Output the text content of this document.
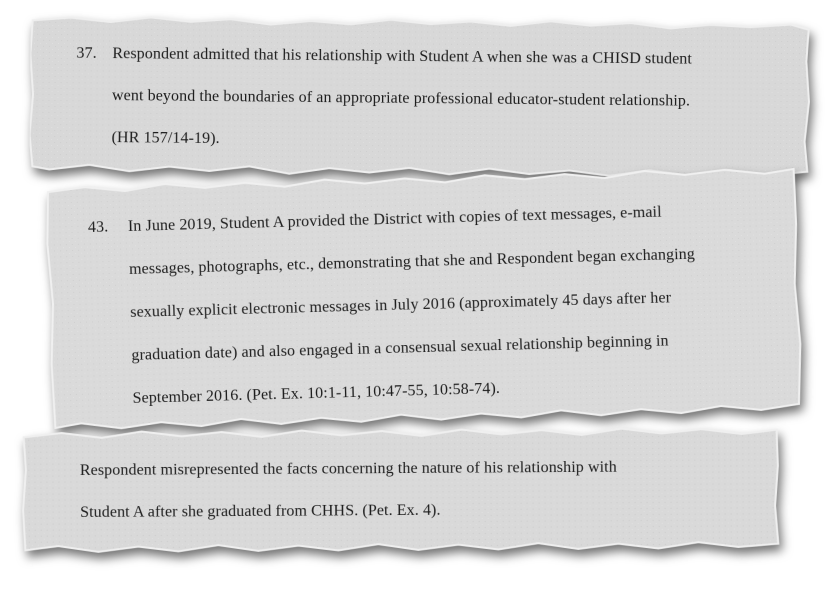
37. Respondent admitted that his relationship with Student A when she was a CHISD student
went beyond the boundaries of an appropriate professional educator-student relationship.
(HR 157/14-19).
43. In June 2019, Student A provided the District with copies of text messages, e-mail
messages, photographs, etc., demonstrating that she and Respondent began exchanging
sexually explicit electronic messages in July 2016 (approximately 45 days after her
graduation date) and also engaged in a consensual sexual relationship beginning in
September 2016. (Pet. Ex. 10:1-11, 10:47-55, 10:58-74).
Respondent misrepresented the facts concerning the nature of his relationship with
Student A after she graduated from CHHS. (Pet. Ex. 4).
